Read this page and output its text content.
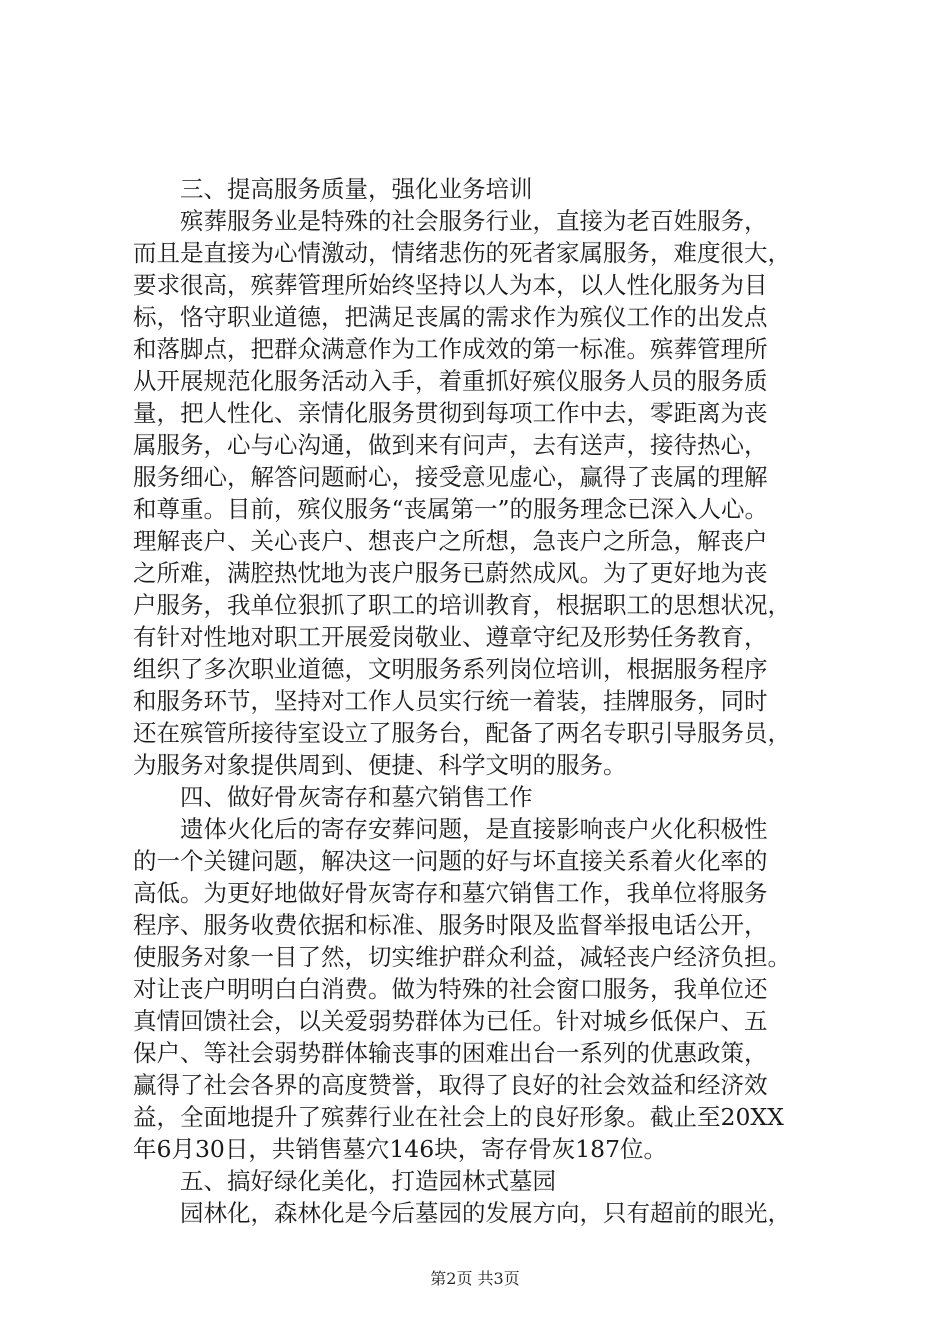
三、提高服务质量，强化业务培训
殡葬服务业是特殊的社会服务行业，直接为老百姓服务，
而且是直接为心情激动，情绪悲伤的死者家属服务，难度很大，
要求很高，殡葬管理所始终坚持以人为本，以人性化服务为目
标，恪守职业道德，把满足丧属的需求作为殡仪工作的出发点
和落脚点，把群众满意作为工作成效的第一标准。殡葬管理所
从开展规范化服务活动入手，着重抓好殡仪服务人员的服务质
量，把人性化、亲情化服务贯彻到每项工作中去，零距离为丧
属服务，心与心沟通，做到来有问声，去有送声，接待热心，
服务细心，解答问题耐心，接受意见虚心，赢得了丧属的理解
和尊重。目前，殡仪服务“丧属第一”的服务理念已深入人心。
理解丧户、关心丧户、想丧户之所想，急丧户之所急，解丧户
之所难，满腔热忱地为丧户服务已蔚然成风。为了更好地为丧
户服务，我单位狠抓了职工的培训教育，根据职工的思想状况，
有针对性地对职工开展爱岗敬业、遵章守纪及形势任务教育，
组织了多次职业道德，文明服务系列岗位培训，根据服务程序
和服务环节，坚持对工作人员实行统一着装，挂牌服务，同时
还在殡管所接待室设立了服务台，配备了两名专职引导服务员，
为服务对象提供周到、便捷、科学文明的服务。
四、做好骨灰寄存和墓穴销售工作
遗体火化后的寄存安葬问题，是直接影响丧户火化积极性
的一个关键问题，解决这一问题的好与坏直接关系着火化率的
高低。为更好地做好骨灰寄存和墓穴销售工作，我单位将服务
程序、服务收费依据和标准、服务时限及监督举报电话公开，
使服务对象一目了然，切实维护群众利益，减轻丧户经济负担。
对让丧户明明白白消费。做为特殊的社会窗口服务，我单位还
真情回馈社会，以关爱弱势群体为已任。针对城乡低保户、五
保户、等社会弱势群体输丧事的困难出台一系列的优惠政策，
赢得了社会各界的高度赞誉，取得了良好的社会效益和经济效
益，全面地提升了殡葬行业在社会上的良好形象。截止至20XX
年6月30日，共销售墓穴146块，寄存骨灰187位。
五、搞好绿化美化，打造园林式墓园
园林化，森林化是今后墓园的发展方向，只有超前的眼光，
第2页 共3页
